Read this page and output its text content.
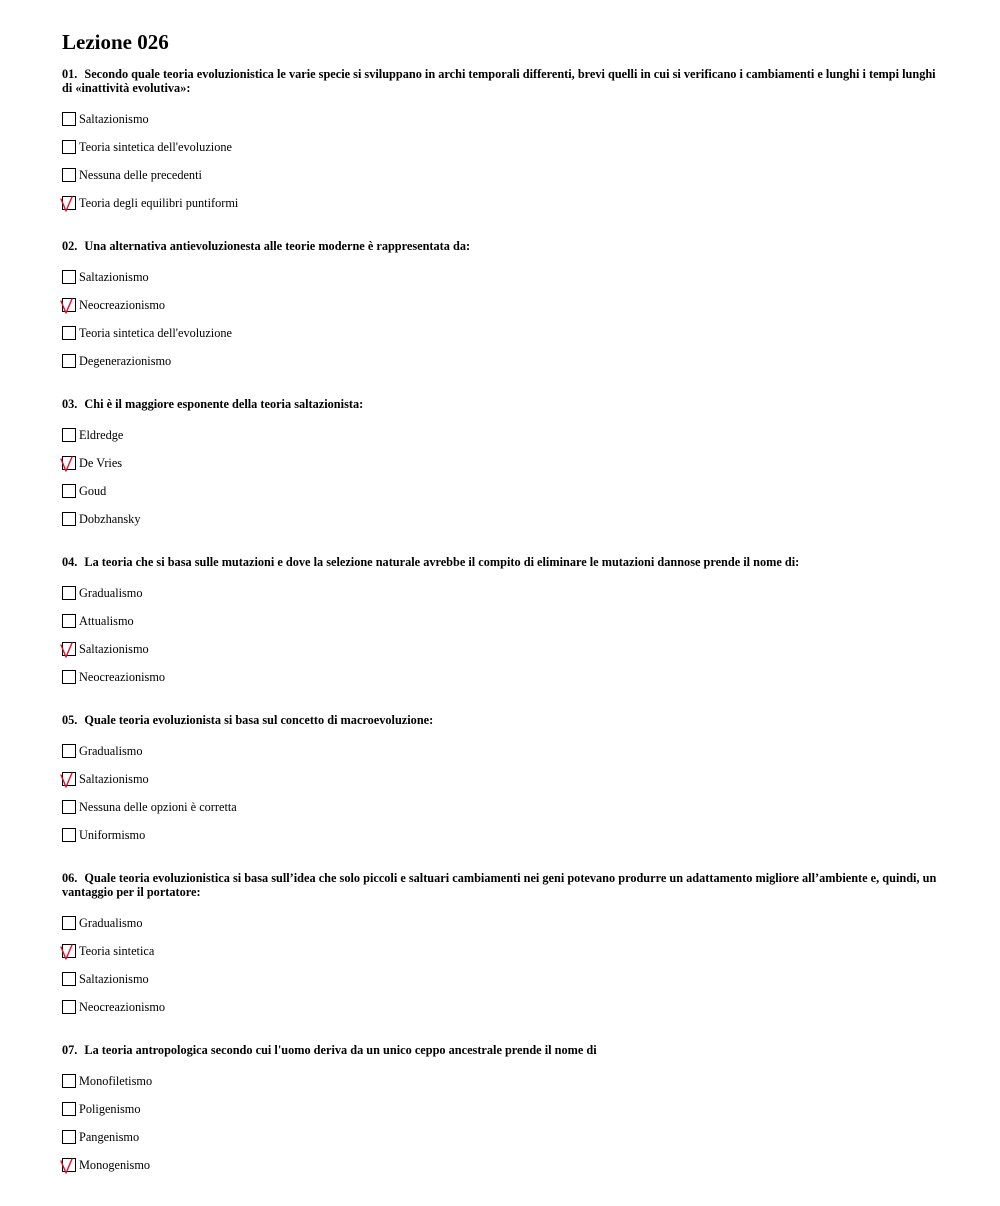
Lezione 026
01. Secondo quale teoria evoluzionistica le varie specie si sviluppano in archi temporali differenti, brevi quelli in cui si verificano i cambiamenti e lunghi i tempi lunghi di «inattività evolutiva»:
Saltazionismo
Teoria sintetica dell'evoluzione
Nessuna delle precedenti
Teoria degli equilibri puntiformi
02. Una alternativa antievoluzionesta alle teorie moderne è rappresentata da:
Saltazionismo
Neocreazionismo
Teoria sintetica dell'evoluzione
Degenerazionismo
03. Chi è il maggiore esponente della teoria saltazionista:
Eldredge
De Vries
Goud
Dobzhansky
04. La teoria che si basa sulle mutazioni e dove la selezione naturale avrebbe il compito di eliminare le mutazioni dannose prende il nome di:
Gradualismo
Attualismo
Saltazionismo
Neocreazionismo
05. Quale teoria evoluzionista si basa sul concetto di macroevoluzione:
Gradualismo
Saltazionismo
Nessuna delle opzioni è corretta
Uniformismo
06. Quale teoria evoluzionistica si basa sull’idea che solo piccoli e saltuari cambiamenti nei geni potevano produrre un adattamento migliore all’ambiente e, quindi, un vantaggio per il portatore:
Gradualismo
Teoria sintetica
Saltazionismo
Neocreazionismo
07. La teoria antropologica secondo cui l'uomo deriva da un unico ceppo ancestrale prende il nome di
Monofiletismo
Poligenismo
Pangenismo
Monogenismo
